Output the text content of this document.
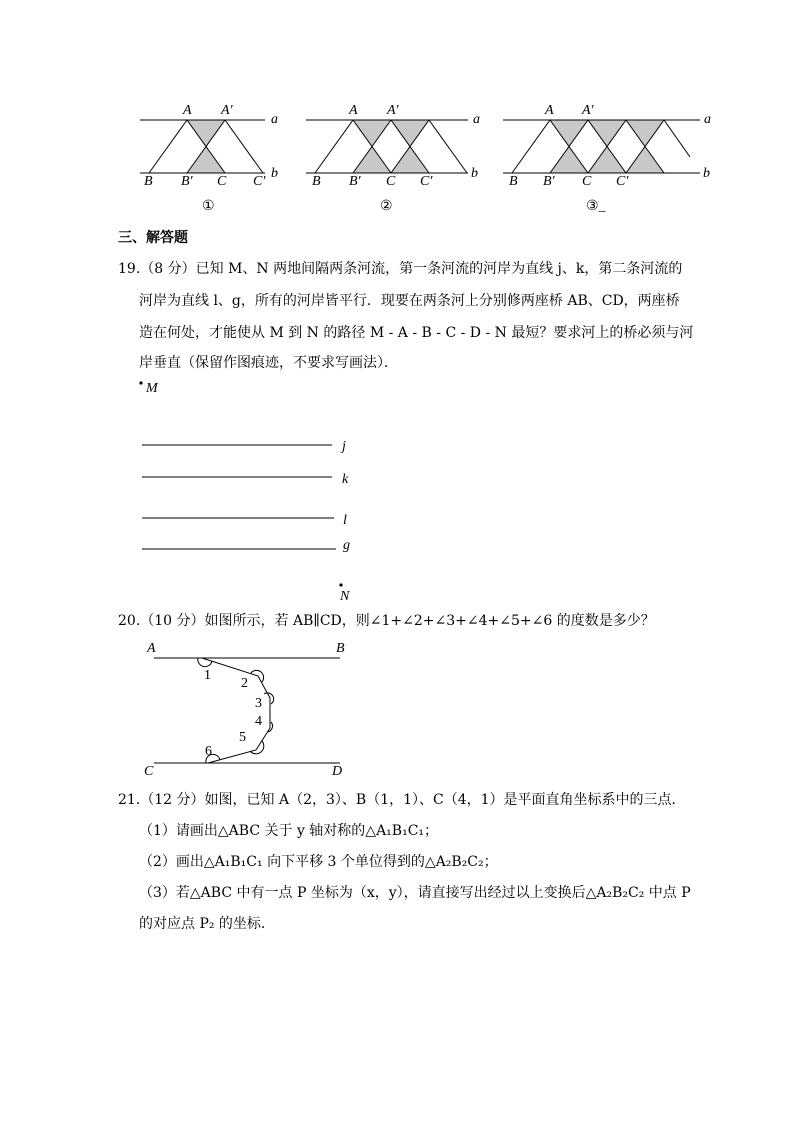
A A′
a
b
B B′ C C′
①
A A′
a
b
B B′ C C′
②
A A′
a
b
B B′ C C′
③_
三、解答题
19.（8 分）已知 M、N 两地间隔两条河流，第一条河流的河岸为直线 j、k，第二条河流的
河岸为直线 l、g，所有的河岸皆平行．现要在两条河上分别修两座桥 AB、CD，两座桥
造在何处，才能使从 M 到 N 的路径 M - A - B - C - D - N 最短？要求河上的桥必须与河
岸垂直（保留作图痕迹，不要求写画法）．
M
j
k
l
g
N
20.（10 分）如图所示，若 AB∥CD，则∠1+∠2+∠3+∠4+∠5+∠6 的度数是多少？
A	B
C	D
1
2
3
4
5
6
21.（12 分）如图，已知 A（2，3）、B（1，1）、C（4，1）是平面直角坐标系中的三点．
（1）请画出△ABC 关于 y 轴对称的△A₁B₁C₁；
（2）画出△A₁B₁C₁ 向下平移 3 个单位得到的△A₂B₂C₂；
（3）若△ABC 中有一点 P 坐标为（x，y），请直接写出经过以上变换后△A₂B₂C₂ 中点 P
的对应点 P₂ 的坐标．
